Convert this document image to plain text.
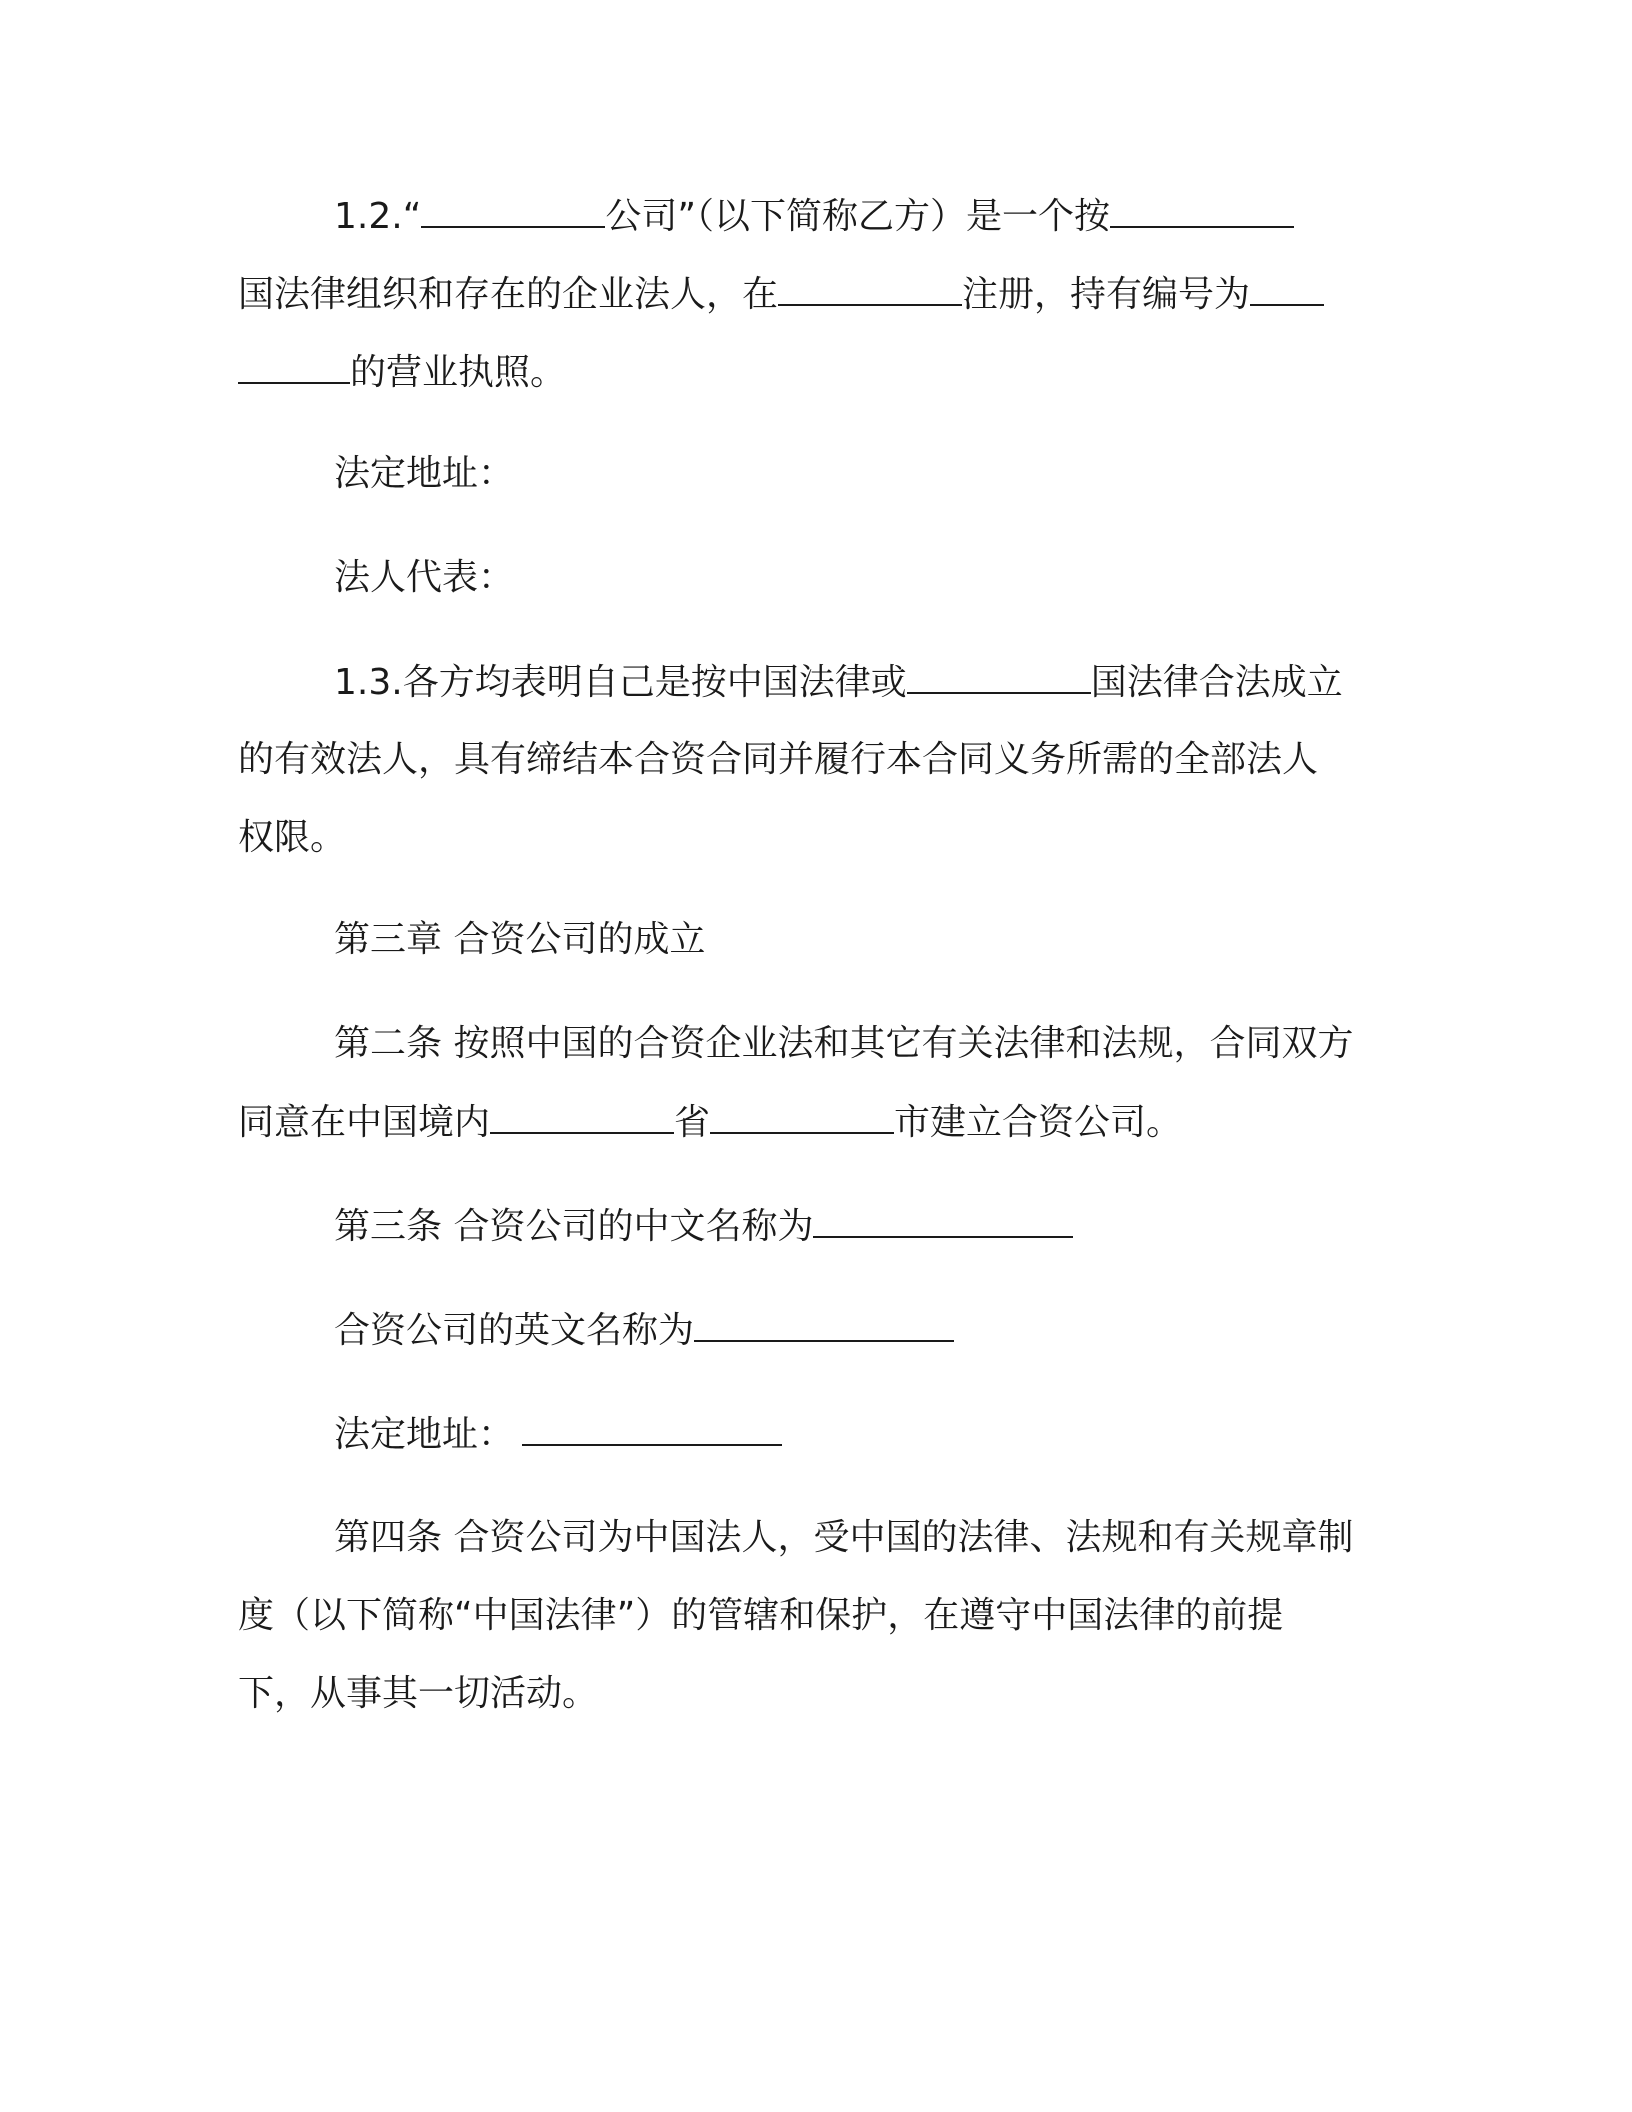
1.2.“	公司”（以下简称乙方）是一个按
国法律组织和存在的企业法人，在	注册，持有编号为
的营业执照。
法定地址：
法人代表：
1.3.各方均表明自己是按中国法律或	国法律合法成立
的有效法人，具有缔结本合资合同并履行本合同义务所需的全部法人
权限。
第三章 合资公司的成立
第二条 按照中国的合资企业法和其它有关法律和法规，合同双方
同意在中国境内	省	市建立合资公司。
第三条 合资公司的中文名称为
合资公司的英文名称为
法定地址：
第四条 合资公司为中国法人，受中国的法律、法规和有关规章制
度（以下简称“中国法律”）的管辖和保护，在遵守中国法律的前提
下，从事其一切活动。
